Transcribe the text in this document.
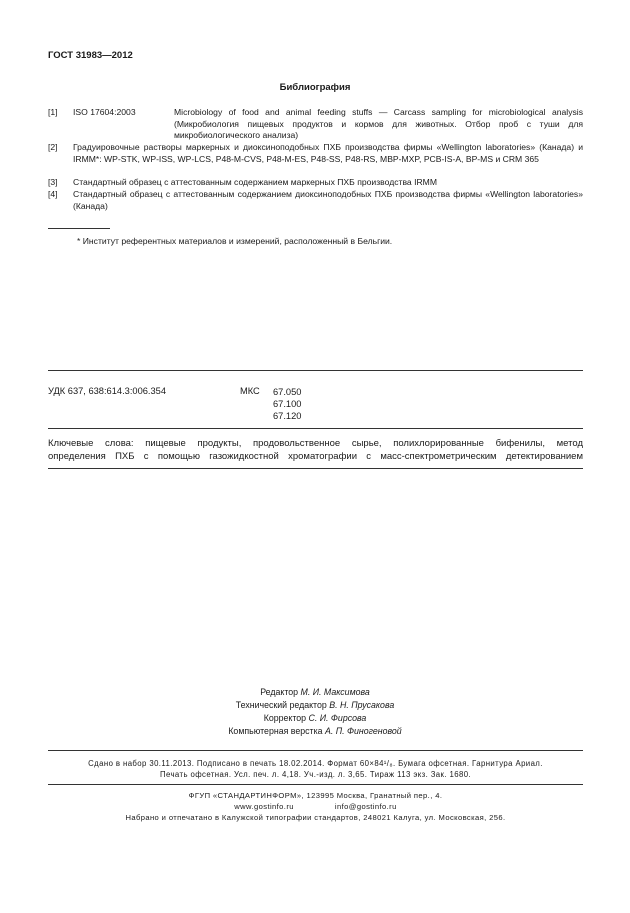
ГОСТ 31983—2012
Библиография
[1] ISO 17604:2003	Microbiology of food and animal feeding stuffs — Carcass sampling for microbiological analysis (Микробиология пищевых продуктов и кормов для животных. Отбор проб с туши для микробиологического анализа)
[2] Градуировочные растворы маркерных и диоксиноподобных ПХБ производства фирмы «Wellington laboratories» (Канада) и IRMM*: WP-STK, WP-ISS, WP-LCS, P48-M-CVS, P48-M-ES, P48-SS, P48-RS, MBP-MXP, PCB-IS-A, BP-MS и CRM 365
[3] Стандартный образец с аттестованным содержанием маркерных ПХБ производства IRMM
[4] Стандартный образец с аттестованным содержанием диоксиноподобных ПХБ производства фирмы «Wellington laboratories» (Канада)
* Институт референтных материалов и измерений, расположенный в Бельгии.
УДК 637, 638:614.3:006.354	МКС 67.050
67.100
67.120
Ключевые слова: пищевые продукты, продовольственное сырье, полихлорированные бифенилы, метод
определения ПХБ с помощью газожидкостной хроматографии с масс-спектрометрическим детектированием
Редактор М. И. Максимова
Технический редактор В. Н. Прусакова
Корректор С. И. Фирсова
Компьютерная верстка А. П. Финогеновой
Сдано в набор 30.11.2013. Подписано в печать 18.02.2014. Формат 60×84¹/₈. Бумага офсетная. Гарнитура Ариал.
Печать офсетная. Усл. печ. л. 4,18. Уч.-изд. л. 3,65. Тираж 113 экз. Зак. 1680.
ФГУП «СТАНДАРТИНФОРМ», 123995 Москва, Гранатный пер., 4.
www.gostinfo.ru	info@gostinfo.ru
Набрано и отпечатано в Калужской типографии стандартов, 248021 Калуга, ул. Московская, 256.
